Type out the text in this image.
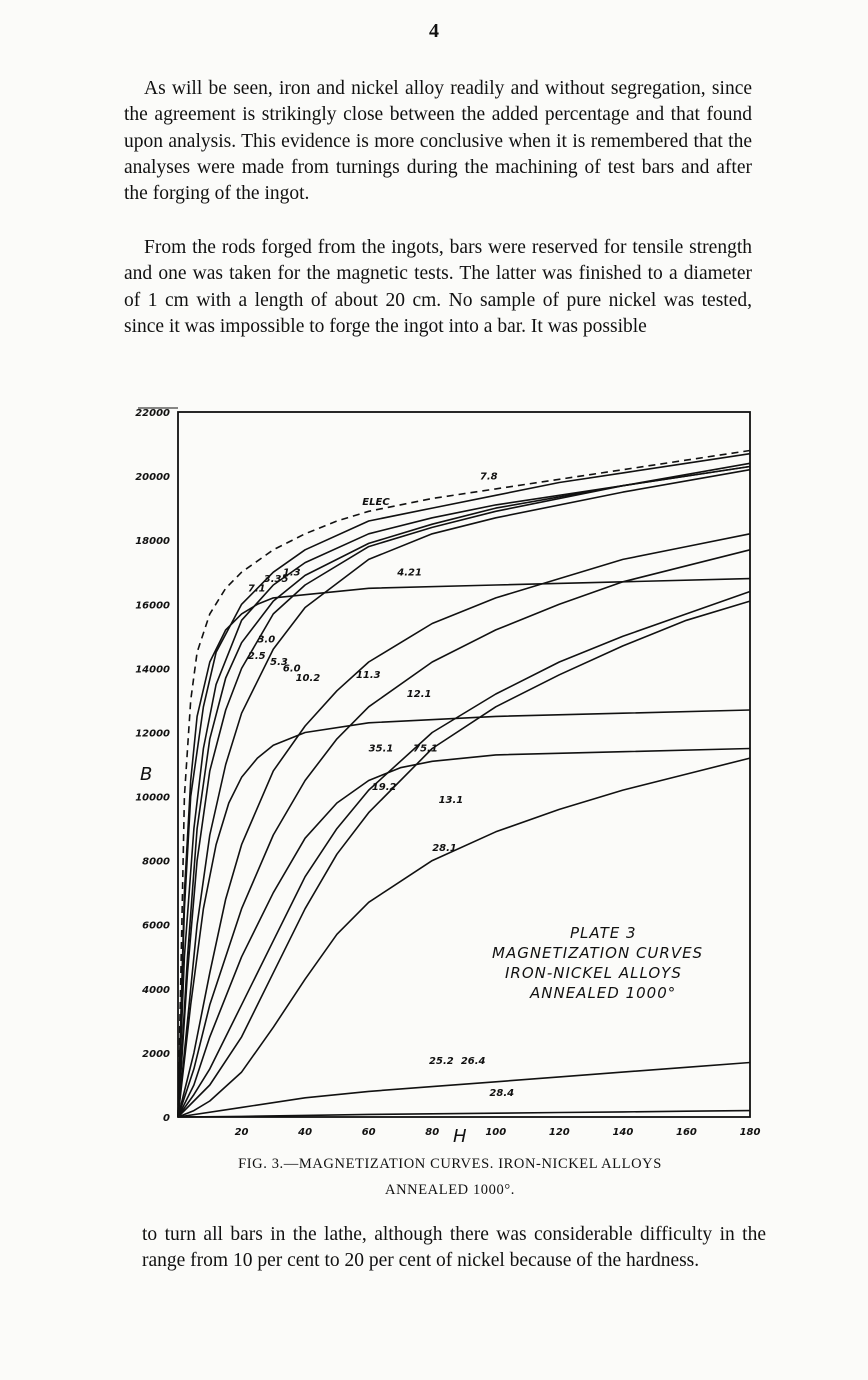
4

As will be seen, iron and nickel alloy readily and without segregation, since the agreement is strikingly close between the added percentage and that found upon analysis. This evidence is more conclusive when it is remembered that the analyses were made from turnings during the machining of test bars and after the forging of the ingot.

From the rods forged from the ingots, bars were reserved for tensile strength and one was taken for the magnetic tests. The latter was finished to a diameter of 1 cm with a length of about 20 cm. No sample of pure nickel was tested, since it was impossible to forge the ingot into a bar. It was possible

ELEC
7.8
4.21
7.1
3.35
1.3
2.5
3.0
5.3
6.0
10.2	11.3
12.1
35.1 75.1
19.2
13.1
28.1
25.2 26.4
28.4
0
2000
4000
6000
8000
10000
12000
14000
16000
18000
20000
22000
20	40	60	80	100	120	140	160	180
B
H
PLATE 3
MAGNETIZATION CURVES
IRON-NICKEL ALLOYS
ANNEALED 1000°
FIG. 3.—MAGNETIZATION CURVES. IRON-NICKEL ALLOYS
ANNEALED 1000°.

to turn all bars in the lathe, although there was considerable difficulty in the range from 10 per cent to 20 per cent of nickel because of the hardness.
